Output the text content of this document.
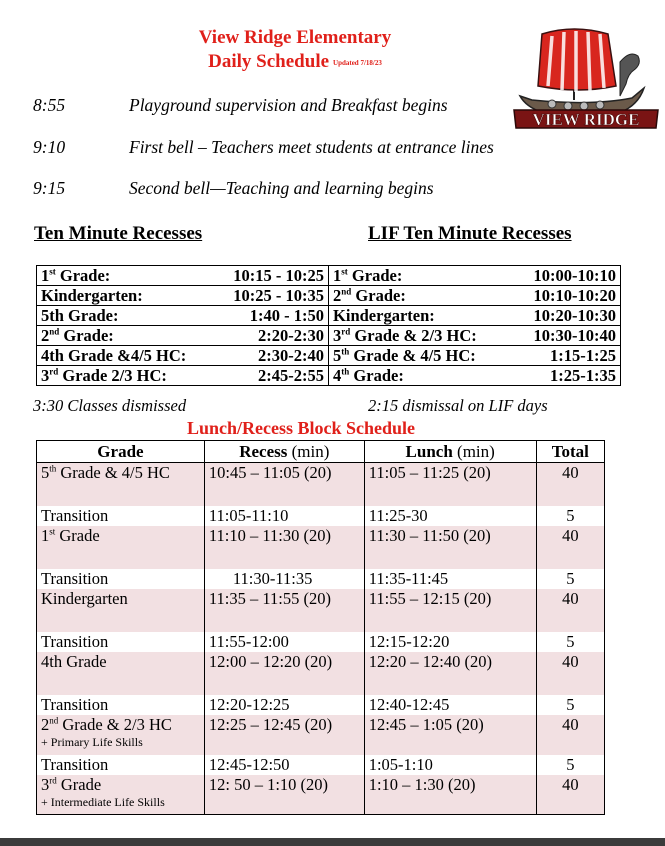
View Ridge Elementary
Daily Schedule Updated 7/18/23
VIEW RIDGE
8:55	Playground supervision and Breakfast begins
9:10	First bell – Teachers meet students at entrance lines
9:15	Second bell—Teaching and learning begins
Ten Minute Recesses	LIF Ten Minute Recesses
1st Grade: 10:15 - 10:25	1st Grade: 10:00-10:10

Kindergarten: 10:25 - 10:35	2nd Grade: 10:10-10:20

5th Grade: 1:40 - 1:50	Kindergarten: 10:20-10:30

2nd Grade: 2:20-2:30	3rd Grade & 2/3 HC: 10:30-10:40

4th Grade &4/5 HC: 2:30-2:40	5th Grade & 4/5 HC: 1:15-1:25

3rd Grade 2/3 HC: 2:45-2:55	4th Grade: 1:25-1:35
3:30 Classes dismissed	2:15 dismissal on LIF days
Lunch/Recess Block Schedule
Grade	Recess (min)	Lunch (min)	Total
5th Grade & 4/5 HC	10:45 – 11:05 (20)	11:05 – 11:25 (20)	40
Transition	11:05-11:10	11:25-30	5
1st Grade	11:10 – 11:30 (20)	11:30 – 11:50 (20)	40
Transition	11:30-11:35	11:35-11:45	5
Kindergarten	11:35 – 11:55 (20)	11:55 – 12:15 (20)	40
Transition	11:55-12:00	12:15-12:20	5
4th Grade	12:00 – 12:20 (20)	12:20 – 12:40 (20)	40
Transition	12:20-12:25	12:40-12:45	5
2nd Grade & 2/3 HC
+ Primary Life Skills	12:25 – 12:45 (20)	12:45 – 1:05 (20)	40
Transition	12:45-12:50	1:05-1:10	5
3rd Grade
+ Intermediate Life Skills	12: 50 – 1:10 (20)	1:10 – 1:30 (20)	40
